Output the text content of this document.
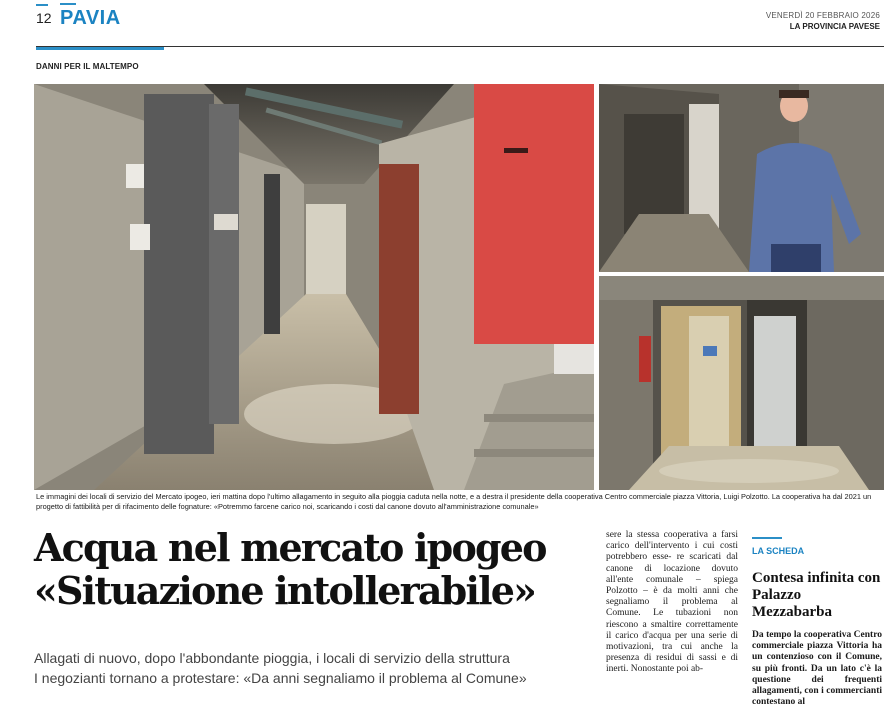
12 PAVIA	VENERDÌ 20 FEBBRAIO 2026
LA PROVINCIA PAVESE
DANNI PER IL MALTEMPO
Le immagini dei locali di servizio del Mercato ipogeo, ieri mattina dopo l'ultimo allagamento in seguito alla pioggia caduta nella notte, e a destra il presidente della cooperativa Centro commerciale piazza Vittoria, Luigi Polzotto. La cooperativa ha dal 2021 un progetto di fattibilità per di rifacimento delle fognature: «Potremmo farcene carico noi, scaricando i costi dal canone dovuto all'amministrazione comunale»
Acqua nel mercato ipogeo
«Situazione intollerabile»
Allagati di nuovo, dopo l'abbondante pioggia, i locali di servizio della struttura
I negozianti tornano a protestare: «Da anni segnaliamo il problema al Comune»
sere la stessa cooperativa a farsi carico dell'intervento i cui costi potrebbero esse- re scaricati dal canone di locazione dovuto all'ente comunale – spiega Polzotto – è da molti anni che segnaliamo il problema al Comune. Le tubazioni non riescono a smaltire correttamente il carico d'acqua per una serie di motivazioni, tra cui anche la presenza di residui di sassi e di inerti. Nonostante poi ab-
LA SCHEDA
Contesa infinita con Palazzo Mezzabarba
Da tempo la cooperativa Centro commerciale piazza Vittoria ha un contenzioso con il Comune, su più fronti. Da un lato c'è la questione dei frequenti allagamenti, con i commercianti contestano al
